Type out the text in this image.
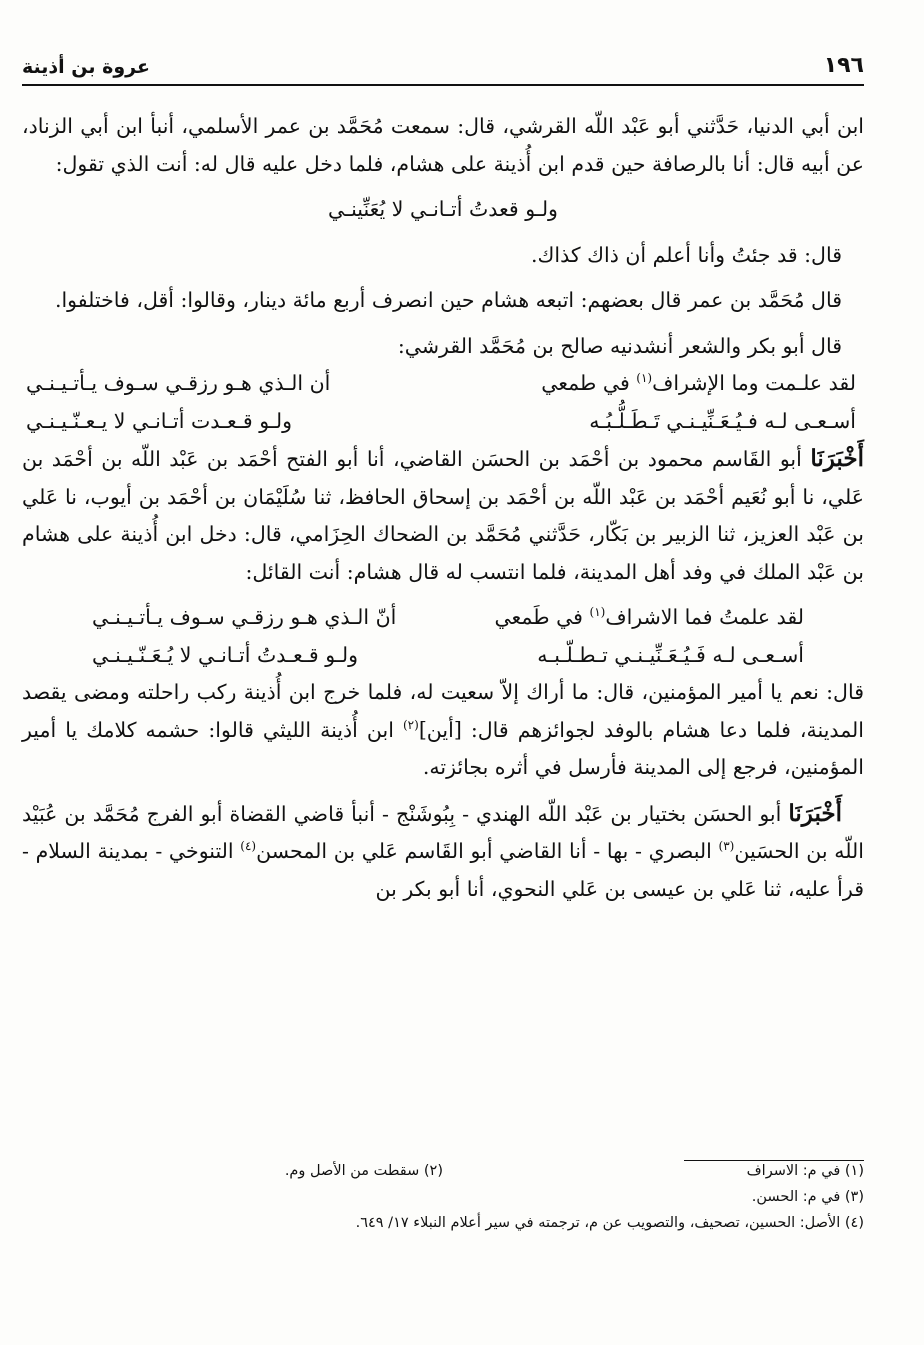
١٩٦
عروة بن أذينة

ابن أبي الدنيا، حَدَّثني أبو عَبْد اللّه القرشي، قال: سمعت مُحَمَّد بن عمر الأسلمي، أنبأ ابن أبي الزناد، عن أبيه قال: أنا بالرصافة حين قدم ابن أُذينة على هشام، فلما دخل عليه قال له: أنت الذي تقول:

ولـو قعدتُ أتـانـي لا يُعَنِّينـي

قال: قد جئتُ وأنا أعلم أن ذاك كذاك.

قال مُحَمَّد بن عمر قال بعضهم: اتبعه هشام حين انصرف أربع مائة دينار، وقالوا: أقل، فاختلفوا.

قال أبو بكر والشعر أنشدنيه صالح بن مُحَمَّد القرشي:

لقد علـمت وما الإشراف$^{(١)}$ في طمعي
أن الـذي هـو رزقـي سـوف يـأتـيـنـي
أسـعـى لـه فـيُـعَـنِّيـنـي تَـطَـلُّـبُـه
ولـو قـعـدت أتـانـي لا يـعـنّـيـنـي

أَخْبَرَنَا أبو القَاسم محمود بن أحْمَد بن الحسَن القاضي، أنا أبو الفتح أحْمَد بن عَبْد اللّه بن أحْمَد بن عَلي، نا أبو نُعَيم أحْمَد بن عَبْد اللّه بن أحْمَد بن إسحاق الحافظ، ثنا سُلَيْمَان بن أحْمَد بن أيوب، نا عَلي بن عَبْد العزيز، ثنا الزبير بن بَكّار، حَدَّثني مُحَمَّد بن الضحاك الحِزَامي، قال: دخل ابن أُذينة على هشام بن عَبْد الملك في وفد أهل المدينة، فلما انتسب له قال هشام: أنت القائل:

لقد علمتُ فما الاشراف$^{(١)}$ في طَمعي
أنّ الـذي هـو رزقـي سـوف يـأتـيـنـي
أسـعـى لـه فَـيُـعَـنِّيـنـي تـطـلّـبـه
ولـو قـعـدتُ أتـانـي لا يُـعَـنّـيـنـي

قال: نعم يا أمير المؤمنين، قال: ما أراك إلاّ سعيت له، فلما خرج ابن أُذينة ركب راحلته ومضى يقصد المدينة، فلما دعا هشام بالوفد لجوائزهم قال: [أين]$^{(٢)}$ ابن أُذينة الليثي قالوا: حشمه كلامك يا أمير المؤمنين، فرجع إلى المدينة فأرسل في أثره بجائزته.

أَخْبَرَنَا أبو الحسَن بختيار بن عَبْد اللّه الهندي - بِبُوشَنْج - أنبأ قاضي القضاة أبو الفرج مُحَمَّد بن عُبَيْد اللّه بن الحسَين$^{(٣)}$ البصري - بها - أنا القاضي أبو القَاسم عَلي بن المحسن$^{(٤)}$ التنوخي - بمدينة السلام - قرأ عليه، ثنا عَلي بن عيسى بن عَلي النحوي، أنا أبو بكر بن

(١) في م: الاسراف
(٢) سقطت من الأصل وم.
(٣) في م: الحسن.
(٤) الأصل: الحسين، تصحيف، والتصويب عن م، ترجمته في سير أعلام النبلاء ١٧/ ٦٤٩.
